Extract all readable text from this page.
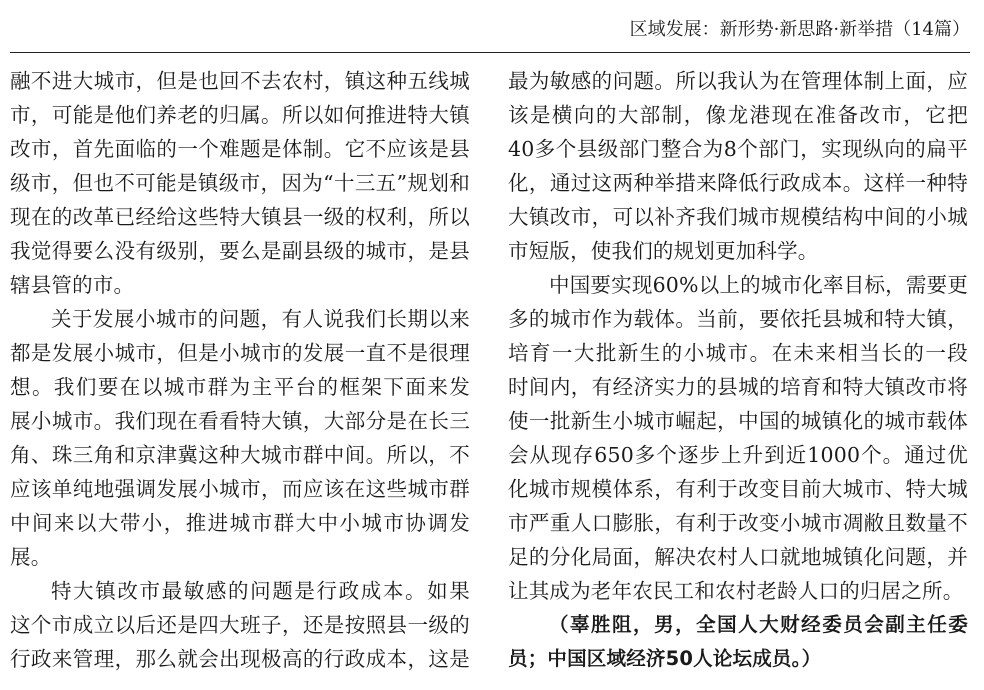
区域发展：新形势·新思路·新举措（14篇）
融不进大城市，但是也回不去农村，镇这种五线城
市，可能是他们养老的归属。所以如何推进特大镇
改市，首先面临的一个难题是体制。它不应该是县
级市，但也不可能是镇级市，因为“十三五”规划和
现在的改革已经给这些特大镇县一级的权利，所以
我觉得要么没有级别，要么是副县级的城市，是县
辖县管的市。
关于发展小城市的问题，有人说我们长期以来
都是发展小城市，但是小城市的发展一直不是很理
想。我们要在以城市群为主平台的框架下面来发
展小城市。我们现在看看特大镇，大部分是在长三
角、珠三角和京津冀这种大城市群中间。所以，不
应该单纯地强调发展小城市，而应该在这些城市群
中间来以大带小，推进城市群大中小城市协调发
展。
特大镇改市最敏感的问题是行政成本。如果
这个市成立以后还是四大班子，还是按照县一级的
行政来管理，那么就会出现极高的行政成本，这是
最为敏感的问题。所以我认为在管理体制上面，应
该是横向的大部制，像龙港现在准备改市，它把
40多个县级部门整合为8个部门，实现纵向的扁平
化，通过这两种举措来降低行政成本。这样一种特
大镇改市，可以补齐我们城市规模结构中间的小城
市短版，使我们的规划更加科学。
中国要实现60%以上的城市化率目标，需要更
多的城市作为载体。当前，要依托县城和特大镇，
培育一大批新生的小城市。在未来相当长的一段
时间内，有经济实力的县城的培育和特大镇改市将
使一批新生小城市崛起，中国的城镇化的城市载体
会从现存650多个逐步上升到近1000个。通过优
化城市规模体系，有利于改变目前大城市、特大城
市严重人口膨胀，有利于改变小城市凋敝且数量不
足的分化局面，解决农村人口就地城镇化问题，并
让其成为老年农民工和农村老龄人口的归居之所。
（辜胜阻，男，全国人大财经委员会副主任委
员；中国区域经济50人论坛成员。）
